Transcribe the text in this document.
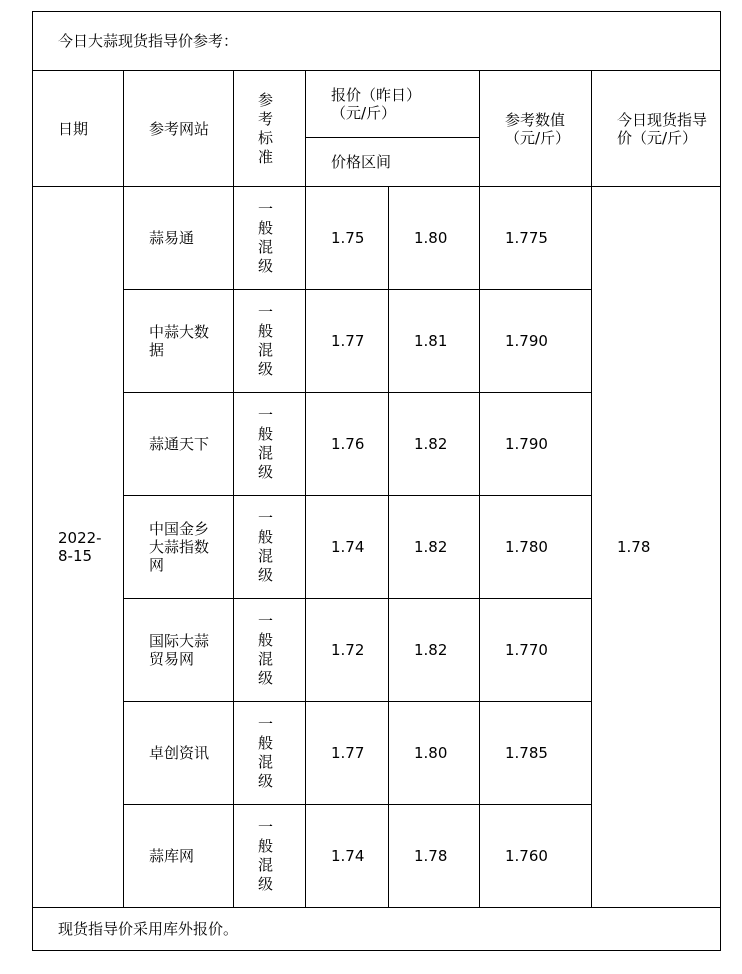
今日大蒜现货指导价参考：						
日期	参考网站	参考标准	报价（昨日）（元/斤）		参考数值（元/斤）	今日现货指导价（元/斤）

			价格区间			

2022-8-15	蒜易通	一般混级	1.75	1.80	1.775	1.78

	中蒜大数据	一般混级	1.77	1.81	1.790	
	蒜通天下	一般混级	1.76	1.82	1.790	

	中国金乡大蒜指数网	一般混级	1.74	1.82	1.780	

	国际大蒜贸易网	一般混级	1.72	1.82	1.770	
	卓创资讯	一般混级	1.77	1.80	1.785	
	蒜库网	一般混级	1.74	1.78	1.760	
现货指导价采用库外报价。						
